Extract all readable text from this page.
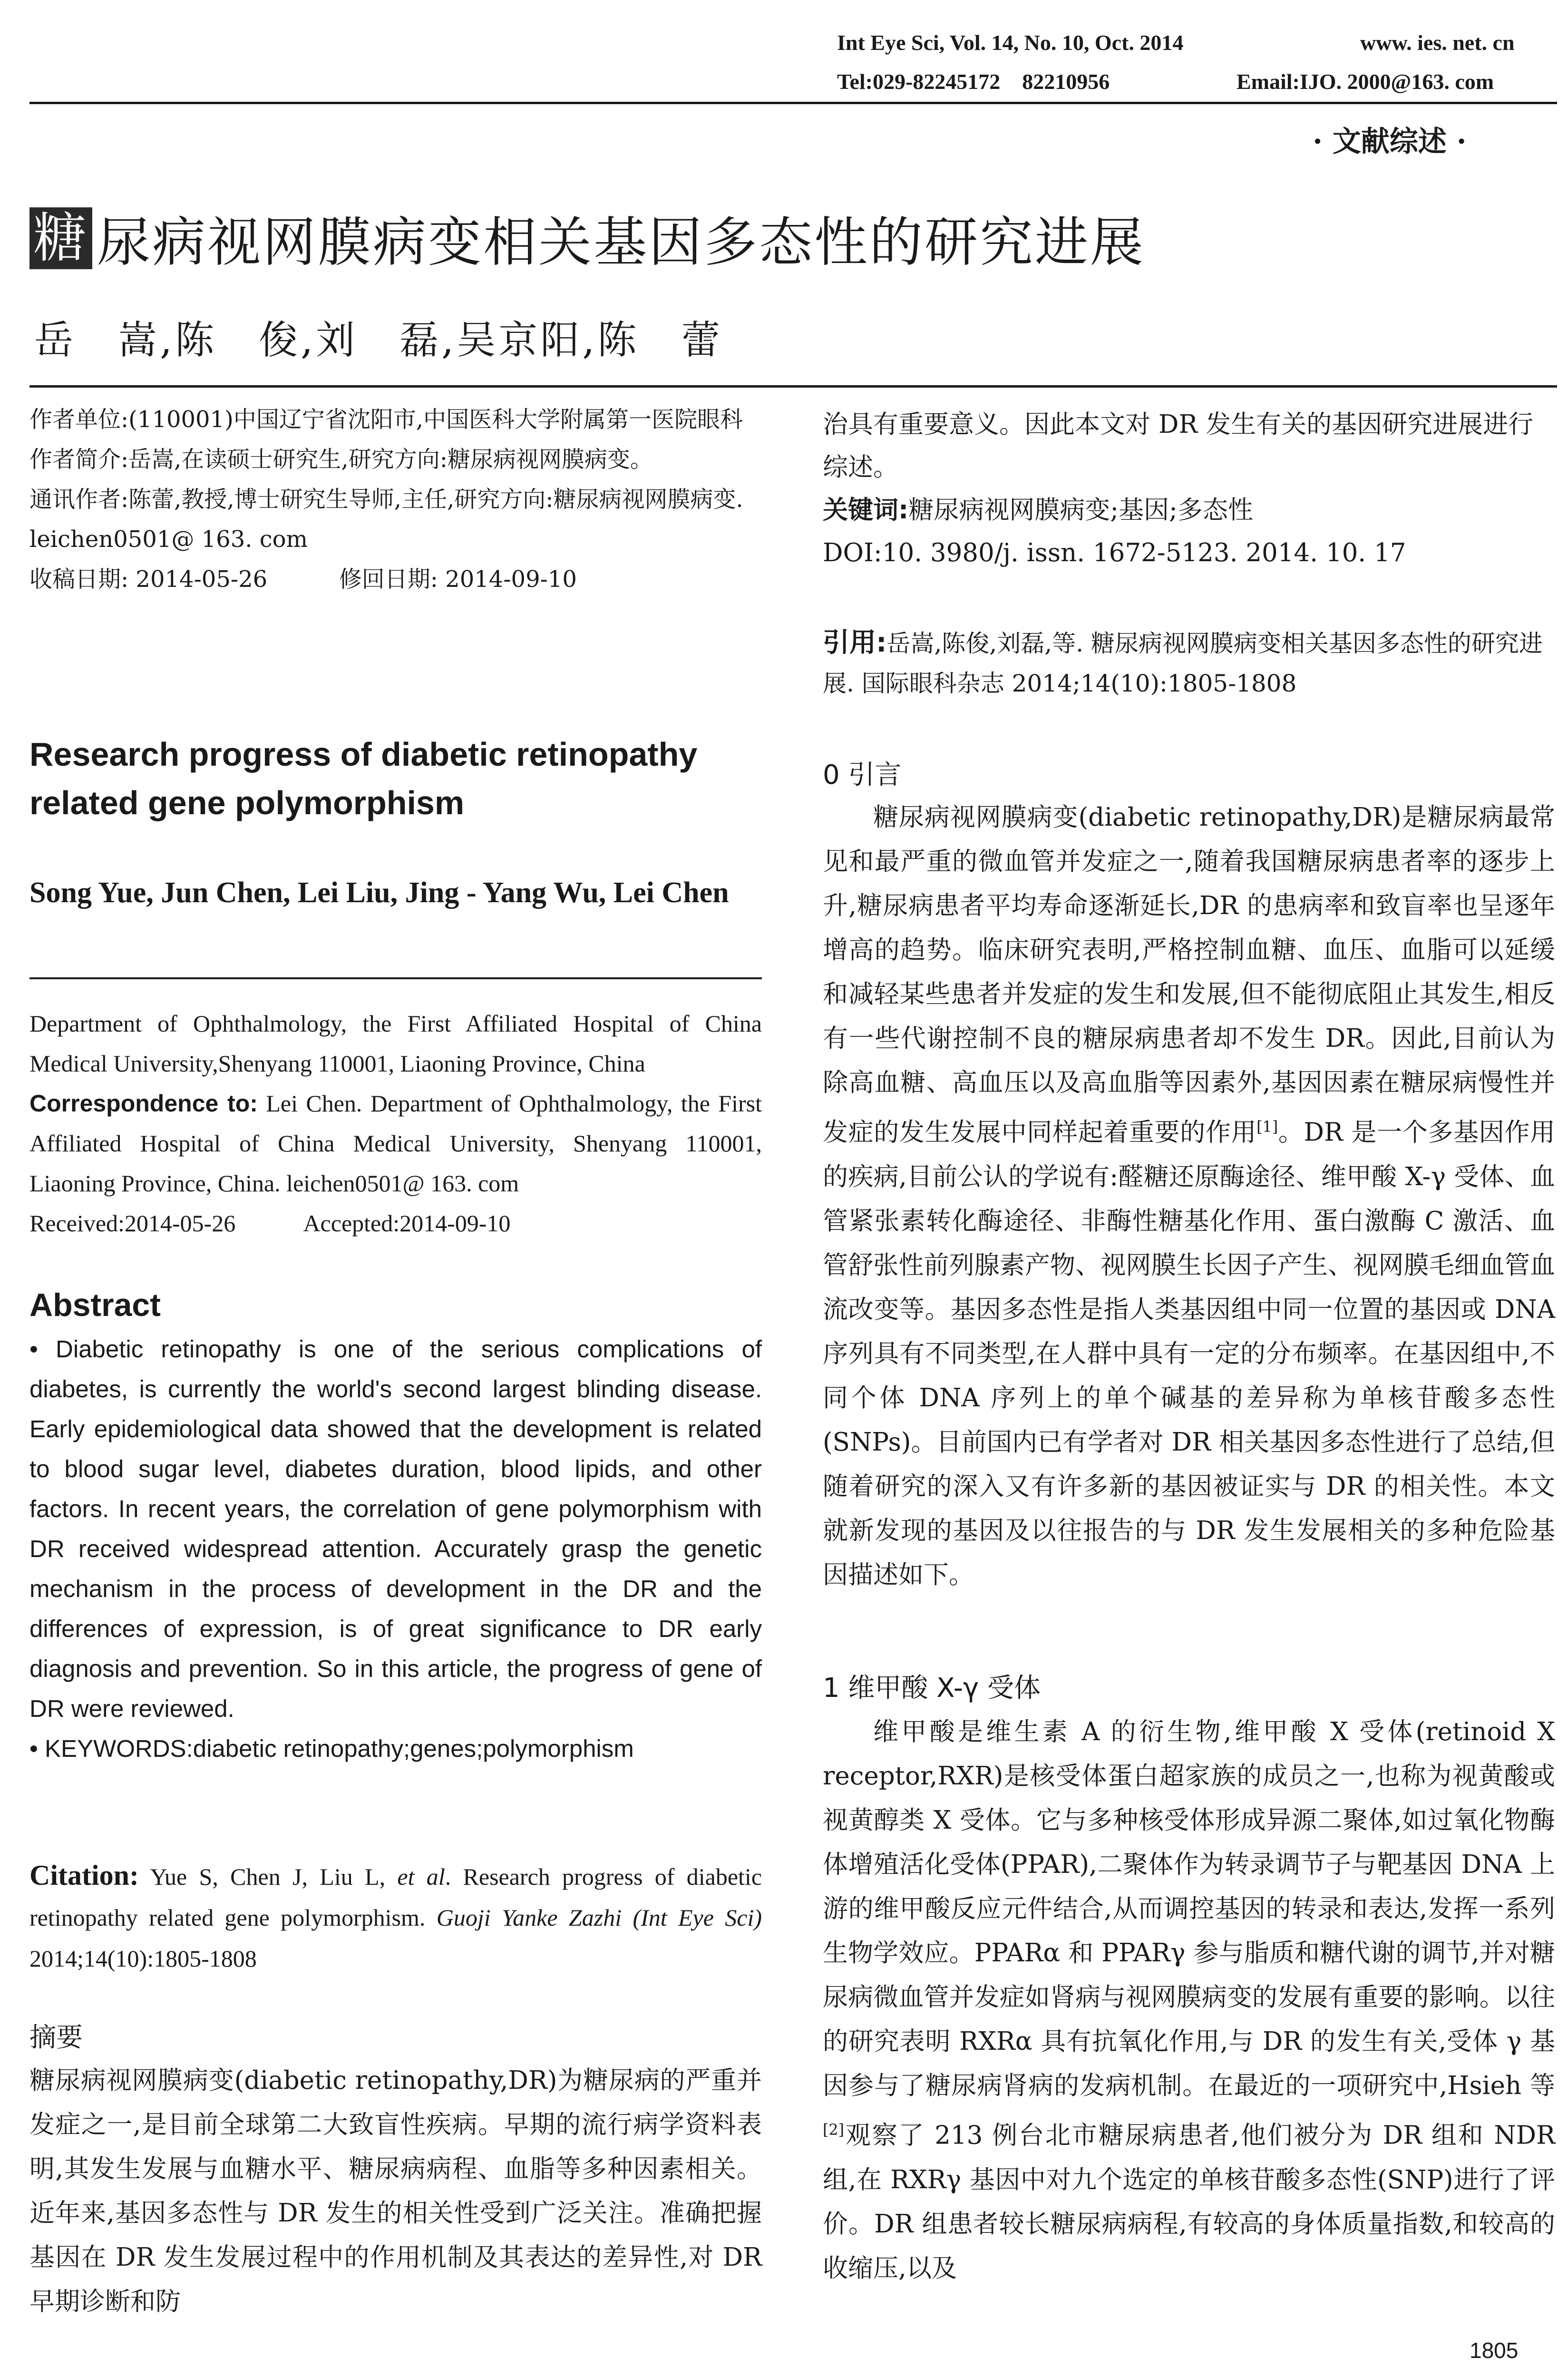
Int Eye Sci, Vol. 14, No. 10, Oct. 2014	www. ies. net. cn
Tel:029-82245172　82210956	Email:IJO. 2000@163. com
· 文献综述 ·
糖 尿病视网膜病变相关基因多态性的研究进展
岳　嵩,陈　俊,刘　磊,吴京阳,陈　蕾

作者单位:(110001)中国辽宁省沈阳市,中国医科大学附属第一医院眼科

作者简介:岳嵩,在读硕士研究生,研究方向:糖尿病视网膜病变。

通讯作者:陈蕾,教授,博士研究生导师,主任,研究方向:糖尿病视网膜病变. leichen0501@ 163. com

收稿日期: 2014-05-26	修回日期: 2014-09-10

Research progress of diabetic retinopathy related gene polymorphism
Song Yue, Jun Chen, Lei Liu, Jing - Yang Wu, Lei Chen

Department of Ophthalmology, the First Affiliated Hospital of China Medical University,Shenyang 110001, Liaoning Province, China

Correspondence to: Lei Chen. Department of Ophthalmology, the First Affiliated Hospital of China Medical University, Shenyang 110001, Liaoning Province, China. leichen0501@ 163. com

Received:2014-05-26	Accepted:2014-09-10

Abstract

• Diabetic retinopathy is one of the serious complications of diabetes, is currently the world's second largest blinding disease. Early epidemiological data showed that the development is related to blood sugar level, diabetes duration, blood lipids, and other factors. In recent years, the correlation of gene polymorphism with DR received widespread attention. Accurately grasp the genetic mechanism in the process of development in the DR and the differences of expression, is of great significance to DR early diagnosis and prevention. So in this article, the progress of gene of DR were reviewed.

• KEYWORDS:diabetic retinopathy;genes;polymorphism

Citation: Yue S, Chen J, Liu L, et al. Research progress of diabetic retinopathy related gene polymorphism. Guoji Yanke Zazhi (Int Eye Sci) 2014;14(10):1805-1808
摘要

糖尿病视网膜病变(diabetic retinopathy,DR)为糖尿病的严重并发症之一,是目前全球第二大致盲性疾病。早期的流行病学资料表明,其发生发展与血糖水平、糖尿病病程、血脂等多种因素相关。近年来,基因多态性与 DR 发生的相关性受到广泛关注。准确把握基因在 DR 发生发展过程中的作用机制及其表达的差异性,对 DR 早期诊断和防

治具有重要意义。因此本文对 DR 发生有关的基因研究进展进行综述。

关键词:糖尿病视网膜病变;基因;多态性

DOI:10. 3980/j. issn. 1672-5123. 2014. 10. 17

引用:岳嵩,陈俊,刘磊,等. 糖尿病视网膜病变相关基因多态性的研究进展. 国际眼科杂志 2014;14(10):1805-1808

0 引言

糖尿病视网膜病变(diabetic retinopathy,DR)是糖尿病最常见和最严重的微血管并发症之一,随着我国糖尿病患者率的逐步上升,糖尿病患者平均寿命逐渐延长,DR 的患病率和致盲率也呈逐年增高的趋势。临床研究表明,严格控制血糖、血压、血脂可以延缓和减轻某些患者并发症的发生和发展,但不能彻底阻止其发生,相反有一些代谢控制不良的糖尿病患者却不发生 DR。因此,目前认为除高血糖、高血压以及高血脂等因素外,基因因素在糖尿病慢性并发症的发生发展中同样起着重要的作用[1]。DR 是一个多基因作用的疾病,目前公认的学说有:醛糖还原酶途径、维甲酸 X-γ 受体、血管紧张素转化酶途径、非酶性糖基化作用、蛋白激酶 C 激活、血管舒张性前列腺素产物、视网膜生长因子产生、视网膜毛细血管血流改变等。基因多态性是指人类基因组中同一位置的基因或 DNA 序列具有不同类型,在人群中具有一定的分布频率。在基因组中,不同个体 DNA 序列上的单个碱基的差异称为单核苷酸多态性(SNPs)。目前国内已有学者对 DR 相关基因多态性进行了总结,但随着研究的深入又有许多新的基因被证实与 DR 的相关性。本文就新发现的基因及以往报告的与 DR 发生发展相关的多种危险基因描述如下。

1 维甲酸 X-γ 受体

维甲酸是维生素 A 的衍生物,维甲酸 X 受体(retinoid X receptor,RXR)是核受体蛋白超家族的成员之一,也称为视黄酸或视黄醇类 X 受体。它与多种核受体形成异源二聚体,如过氧化物酶体增殖活化受体(PPAR),二聚体作为转录调节子与靶基因 DNA 上游的维甲酸反应元件结合,从而调控基因的转录和表达,发挥一系列生物学效应。PPARα 和 PPARγ 参与脂质和糖代谢的调节,并对糖尿病微血管并发症如肾病与视网膜病变的发展有重要的影响。以往的研究表明 RXRα 具有抗氧化作用,与 DR 的发生有关,受体 γ 基因参与了糖尿病肾病的发病机制。在最近的一项研究中,Hsieh 等[2]观察了 213 例台北市糖尿病患者,他们被分为 DR 组和 NDR 组,在 RXRγ 基因中对九个选定的单核苷酸多态性(SNP)进行了评价。DR 组患者较长糖尿病病程,有较高的身体质量指数,和较高的收缩压,以及

1805
